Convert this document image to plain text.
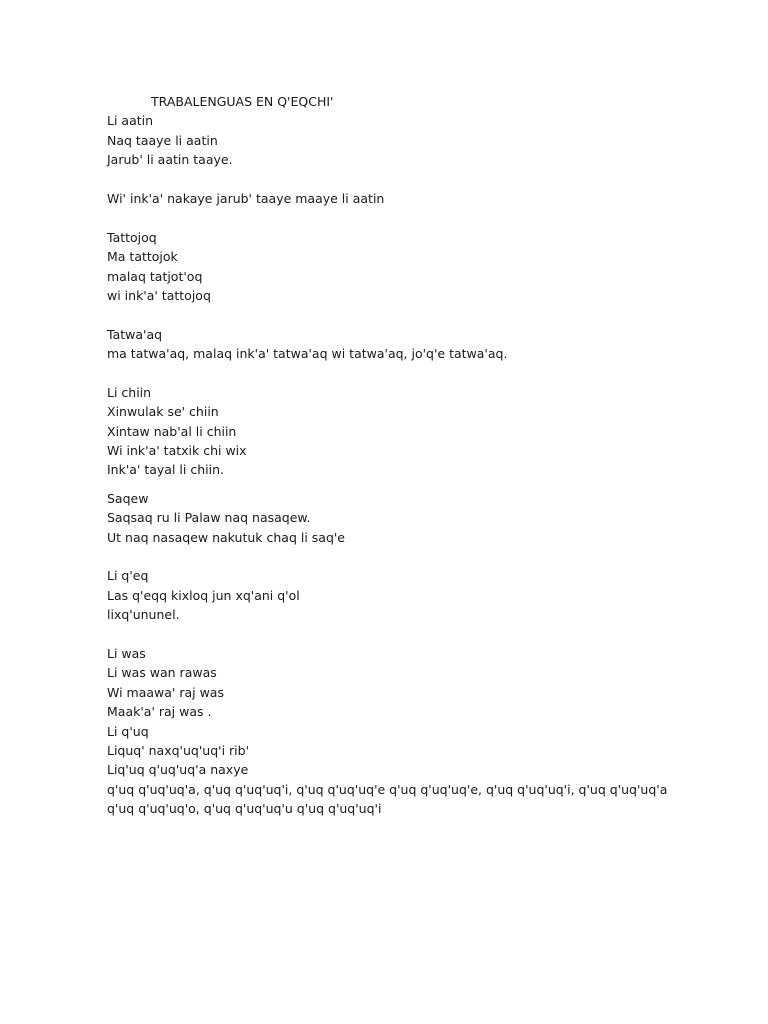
TRABALENGUAS EN Q'EQCHI'
Li aatin
Naq taaye li aatin
Jarub' li aatin taaye.
Wi' ink'a' nakaye jarub' taaye maaye li aatin
Tattojoq
Ma tattojok
malaq tatjot'oq
wi ink'a' tattojoq
Tatwa'aq
ma tatwa'aq, malaq ink'a' tatwa'aq wi tatwa'aq, jo'q'e tatwa'aq.
Li chiin
Xinwulak se' chiin
Xintaw nab'al li chiin
Wi ink'a' tatxik chi wix
Ink'a' tayal li chiin.
Saqew
Saqsaq ru li Palaw naq nasaqew.
Ut naq nasaqew nakutuk chaq li saq'e
Li q'eq
Las q'eqq kixloq jun xq'ani q'ol
lixq'ununel.
Li was
Li was wan rawas
Wi maawa' raj was
Maak'a' raj was .
Li q'uq
Liquq' naxq'uq'uq'i rib'
Liq'uq q'uq'uq'a naxye
q'uq q'uq'uq'a, q'uq q'uq'uq'i, q'uq q'uq'uq'e q'uq q'uq'uq'e, q'uq q'uq'uq'i, q'uq q'uq'uq'a q'uq q'uq'uq'o, q'uq q'uq'uq'u q'uq q'uq'uq'i
